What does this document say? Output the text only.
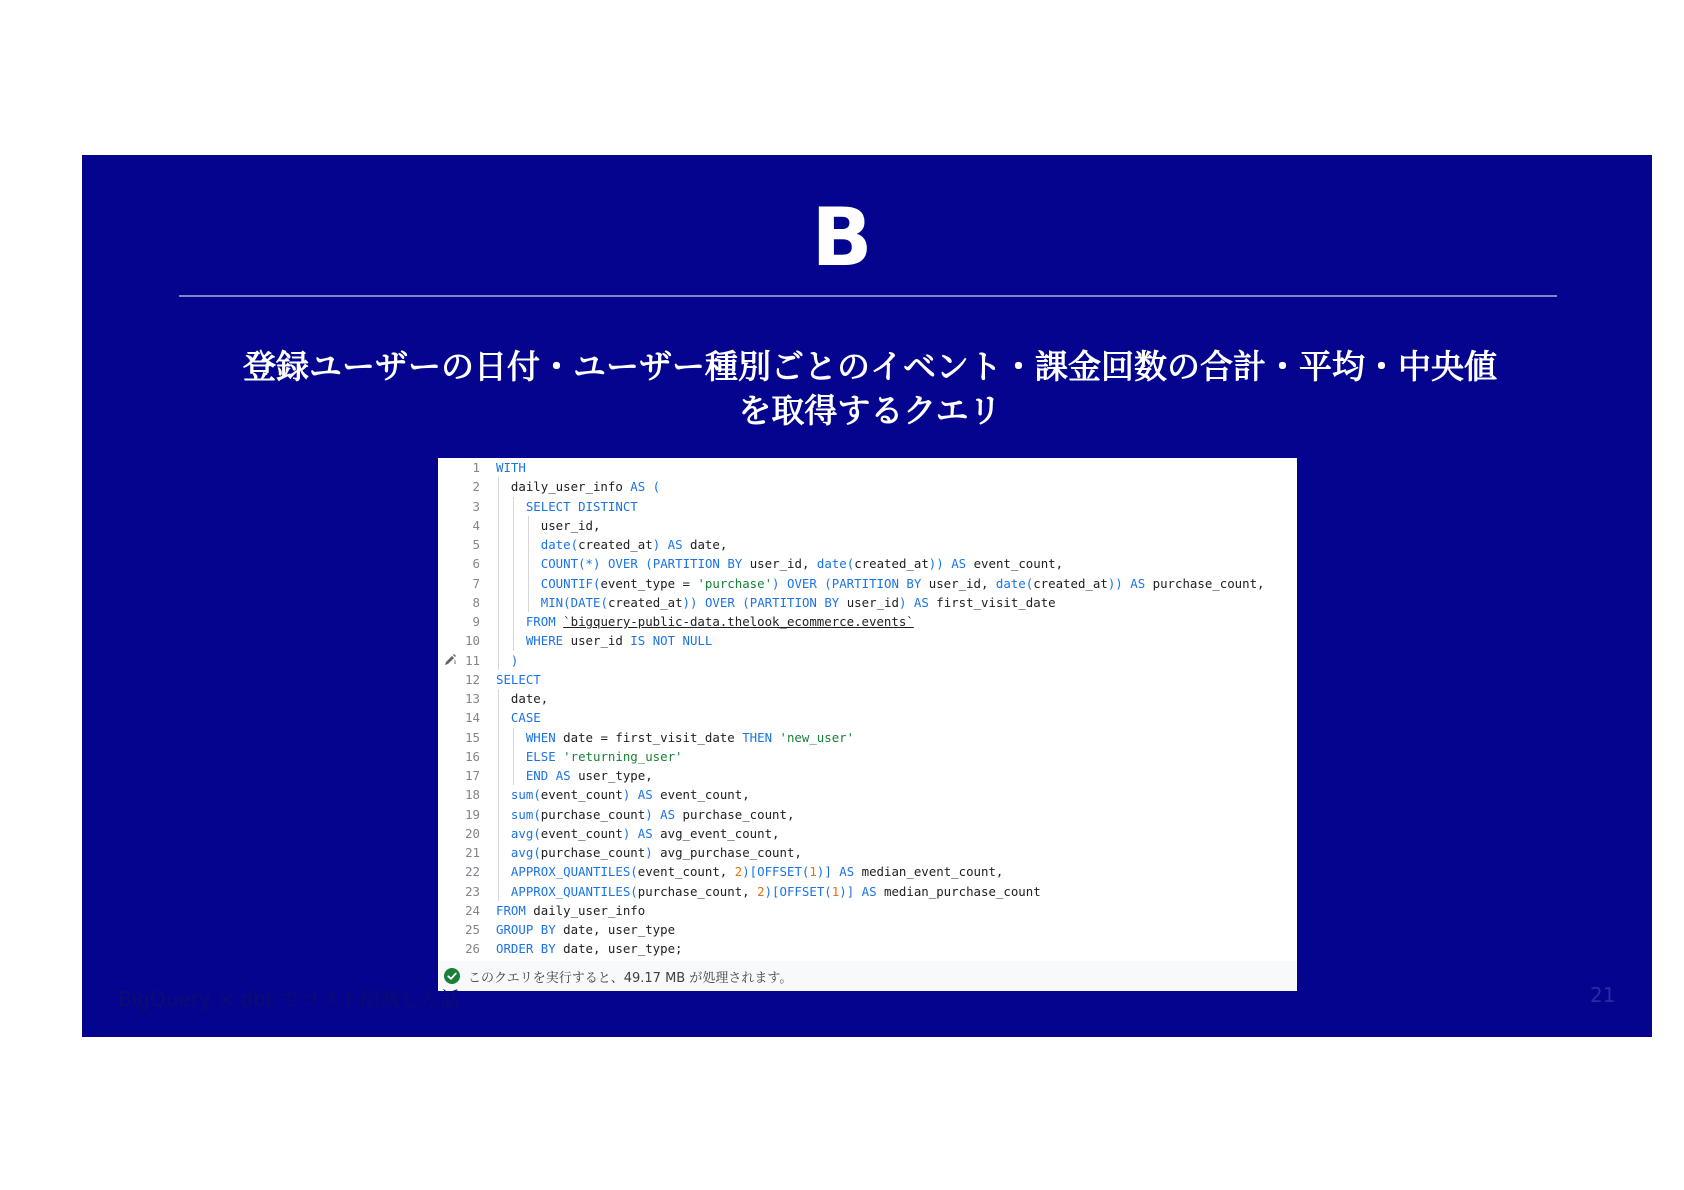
B

登録ユーザーの日付・ユーザー種別ごとのイベント・課金回数の合計・平均・中央値
を取得するクエリ

1 WITH
2 daily_user_info AS (
3	SELECT DISTINCT
4 user_id,
5	date(created_at) AS date,
6	COUNT(*) OVER (PARTITION BY user_id, date(created_at)) AS event_count,
7	COUNTIF(event_type = 'purchase') OVER (PARTITION BY user_id, date(created_at)) AS purchase_count,
8	MIN(DATE(created_at)) OVER (PARTITION BY user_id) AS first_visit_date
9	FROM `bigquery-public-data.thelook_ecommerce.events`
10	WHERE user_id IS NOT NULL
11	)
12 SELECT
13 date,
14	CASE
15	WHEN date = first_visit_date THEN 'new_user'
16	ELSE 'returning_user'
17	END AS user_type,
18	sum(event_count) AS event_count,
19	sum(purchase_count) AS purchase_count,
20	avg(event_count) AS avg_event_count,
21	avg(purchase_count) avg_purchase_count,
22	APPROX_QUANTILES(event_count, 2)[OFFSET(1)] AS median_event_count,
23	APPROX_QUANTILES(purchase_count, 2)[OFFSET(1)] AS median_purchase_count
24 FROM daily_user_info
25 GROUP BY date, user_type
26 ORDER BY date, user_type;
このクエリを実行すると、49.17 MB が処理されます。
BigQuery × dbt でコスト削減した話	21
